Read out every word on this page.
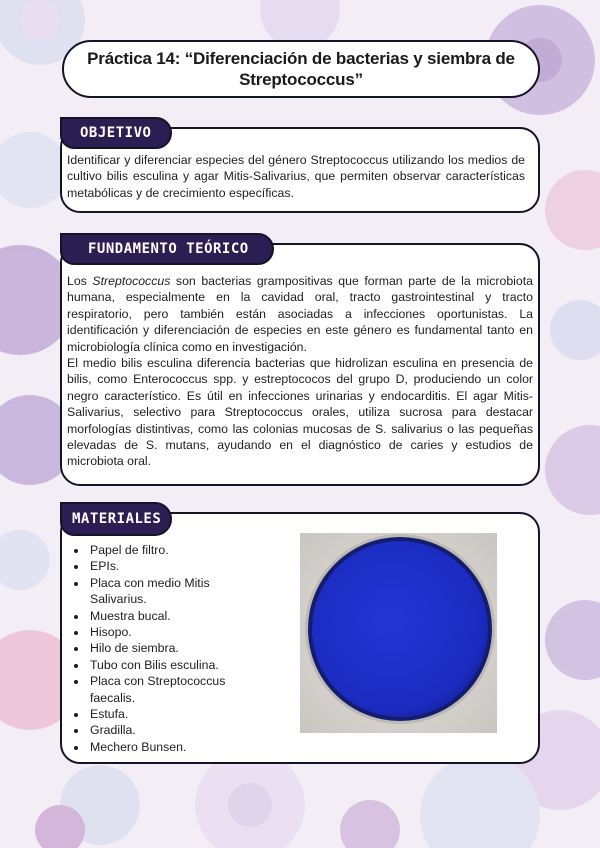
Práctica 14: “Diferenciación de bacterias y siembra de Streptococcus”
OBJETIVO

Identificar y diferenciar especies del género Streptococcus utilizando los medios de cultivo bilis esculina y agar Mitis-Salivarius, que permiten observar características metabólicas y de crecimiento específicas.

FUNDAMENTO TEÓRICO

Los Streptococcus son bacterias grampositivas que forman parte de la microbiota humana, especialmente en la cavidad oral, tracto gastrointestinal y tracto respiratorio, pero también están asociadas a infecciones oportunistas. La identificación y diferenciación de especies en este género es fundamental tanto en microbiología clínica como en investigación.

El medio bilis esculina diferencia bacterias que hidrolizan esculina en presencia de bilis, como Enterococcus spp. y estreptococos del grupo D, produciendo un color negro característico. Es útil en infecciones urinarias y endocarditis. El agar Mitis-Salivarius, selectivo para Streptococcus orales, utiliza sucrosa para destacar morfologías distintivas, como las colonias mucosas de S. salivarius o las pequeñas elevadas de S. mutans, ayudando en el diagnóstico de caries y estudios de microbiota oral.

MATERIALES
• Papel de filtro.
• EPIs.
• Placa con medio Mitis Salivarius.
• Muestra bucal.
• Hisopo.
• Hilo de siembra.
• Tubo con Bilis esculina.
• Placa con Streptococcus faecalis.
• Estufa.
• Gradilla.
• Mechero Bunsen.
